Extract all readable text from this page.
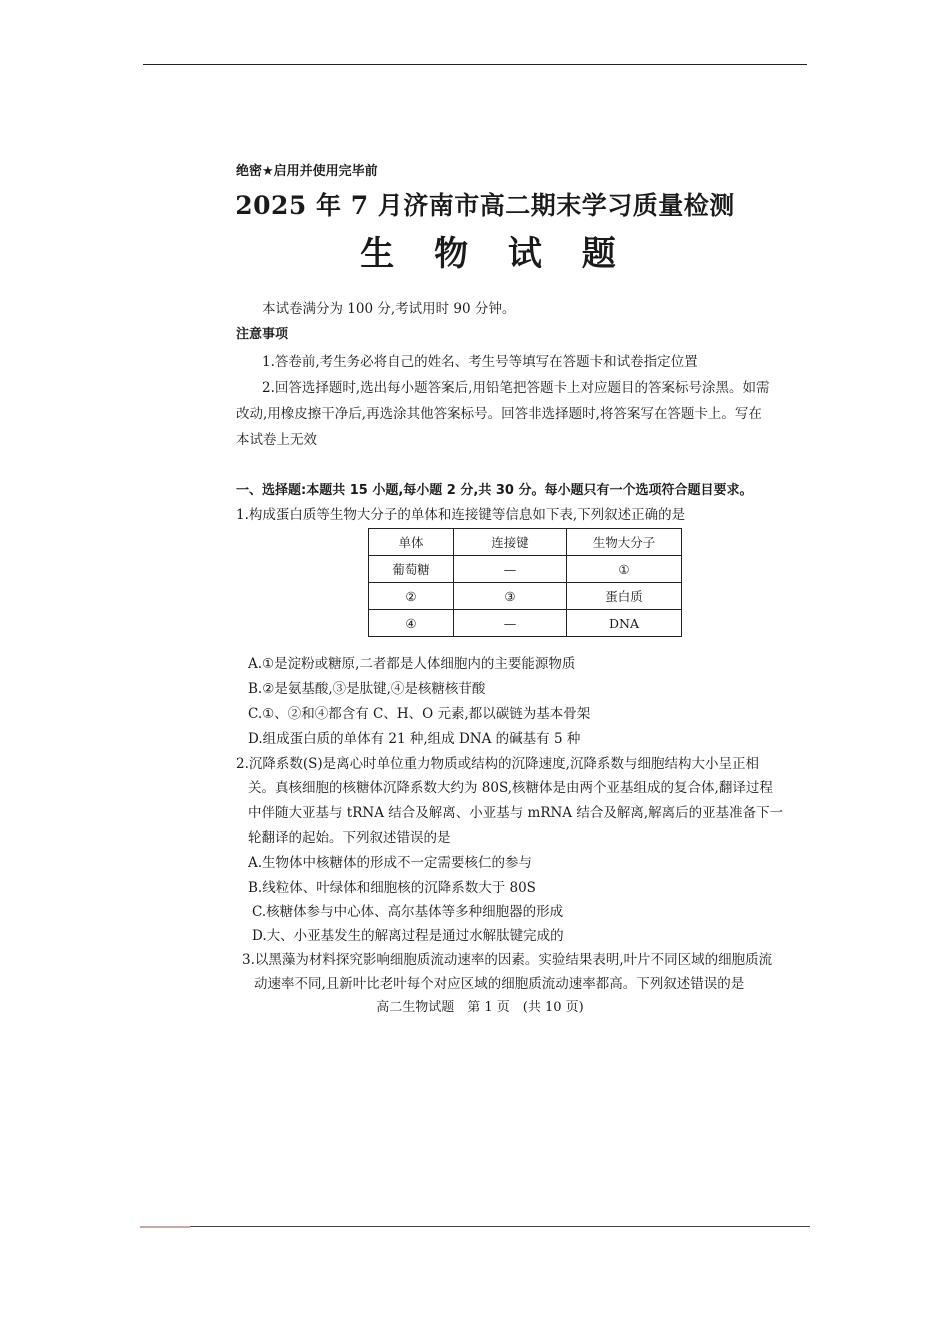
绝密★启用并使用完毕前
2025 年 7 月济南市高二期末学习质量检测
生 物 试 题
本试卷满分为 100 分,考试用时 90 分钟。
注意事项
1.答卷前,考生务必将自己的姓名、考生号等填写在答题卡和试卷指定位置
2.回答选择题时,选出每小题答案后,用铅笔把答题卡上对应题目的答案标号涂黑。如需
改动,用橡皮擦干净后,再选涂其他答案标号。回答非选择题时,将答案写在答题卡上。写在
本试卷上无效
一、选择题:本题共 15 小题,每小题 2 分,共 30 分。每小题只有一个选项符合题目要求。
1.构成蛋白质等生物大分子的单体和连接键等信息如下表,下列叙述正确的是
单体	连接键	生物大分子
葡萄糖	—	①
②	③	蛋白质
④	—	DNA
A.①是淀粉或糖原,二者都是人体细胞内的主要能源物质
B.②是氨基酸,③是肽键,④是核糖核苷酸
C.①、②和④都含有 C、H、O 元素,都以碳链为基本骨架
D.组成蛋白质的单体有 21 种,组成 DNA 的碱基有 5 种
2.沉降系数(S)是离心时单位重力物质或结构的沉降速度,沉降系数与细胞结构大小呈正相
关。真核细胞的核糖体沉降系数大约为 80S,核糖体是由两个亚基组成的复合体,翻译过程
中伴随大亚基与 tRNA 结合及解离、小亚基与 mRNA 结合及解离,解离后的亚基准备下一
轮翻译的起始。下列叙述错误的是
A.生物体中核糖体的形成不一定需要核仁的参与
B.线粒体、叶绿体和细胞核的沉降系数大于 80S
C.核糖体参与中心体、高尔基体等多种细胞器的形成
D.大、小亚基发生的解离过程是通过水解肽键完成的
3.以黑藻为材料探究影响细胞质流动速率的因素。实验结果表明,叶片不同区域的细胞质流
动速率不同,且新叶比老叶每个对应区域的细胞质流动速率都高。下列叙述错误的是
高二生物试题　第 1 页　(共 10 页)
